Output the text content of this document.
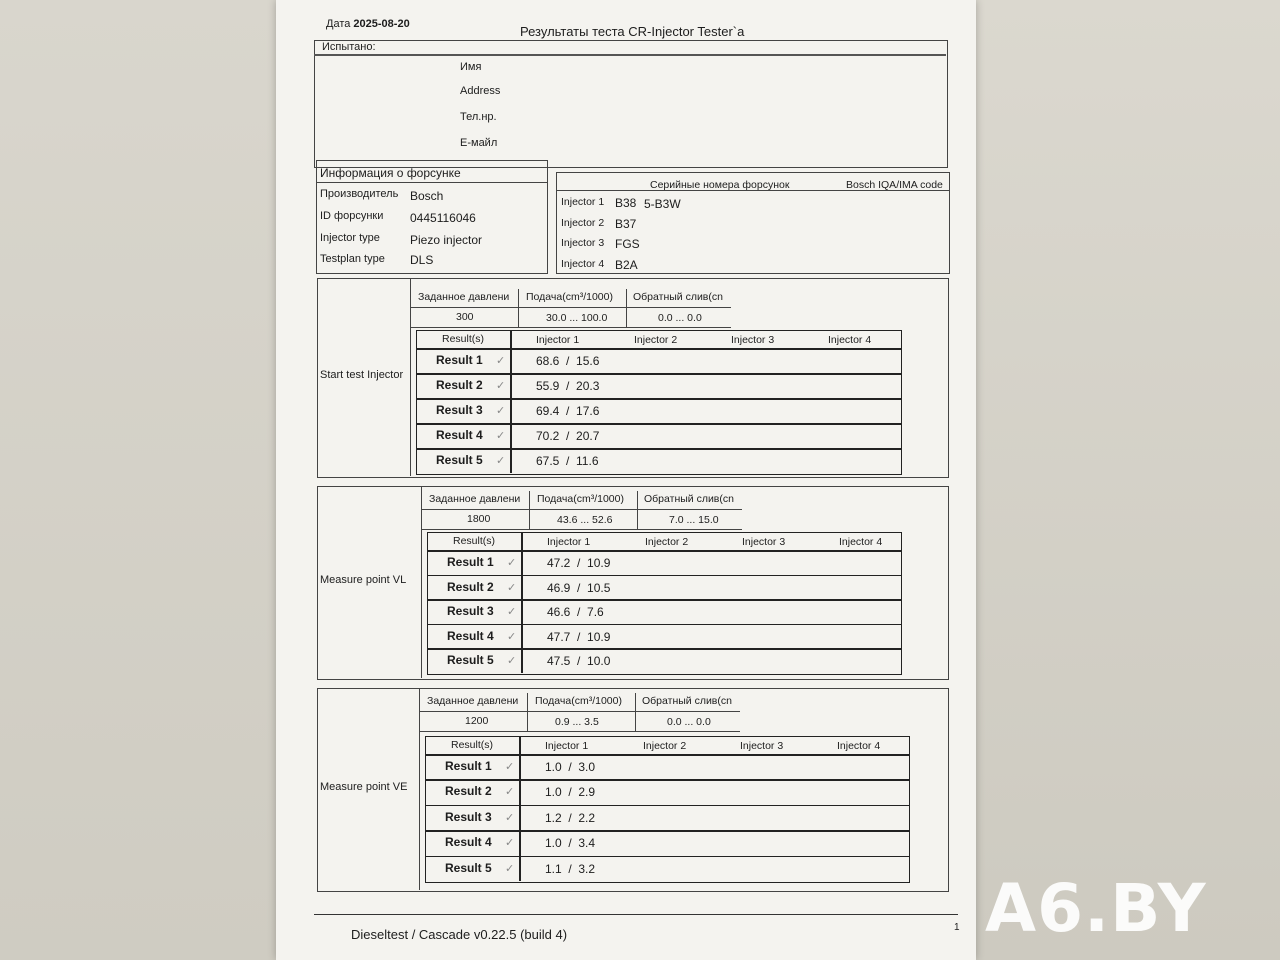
Дата 2025-08-20	Результаты теста CR-Injector Tester`a
Испытано:
Имя
Address
Тел.нр.
E-майл
Информация о форсунке
Производитель Bosch
ID форсунки 0445116046
Injector type	Piezo injector
Testplan type DLS
Серийные номера форсунок	Bosch IQA/IMA code
Injector 1 B38 5-B3W
Injector 2 B37
Injector 3 FGS
Injector 4 B2A
Start test Injector
Заданное давлени Подача(cm³/1000) Обратный слив(cn
300	30.0 ... 100.0	0.0 ... 0.0
Result(s)	Injector 1	Injector 2	Injector 3	Injector 4
Result 1 ✓	68.6  /  15.6
Result 2 ✓	55.9  /  20.3
Result 3 ✓	69.4  /  17.6
Result 4 ✓	70.2  /  20.7
Result 5 ✓	67.5  /  11.6
Measure point VL
Заданное давлени Подача(cm³/1000) Обратный слив(cn
1800	43.6 ... 52.6	7.0 ... 15.0
Result(s)	Injector 1	Injector 2	Injector 3	Injector 4
Result 1 ✓	47.2  /  10.9
Result 2 ✓	46.9  /  10.5
Result 3 ✓	46.6  /  7.6
Result 4 ✓	47.7  /  10.9
Result 5 ✓	47.5  /  10.0
Measure point VE
Заданное давлени Подача(cm³/1000) Обратный слив(cn
1200	0.9 ... 3.5	0.0 ... 0.0
Result(s)	Injector 1	Injector 2	Injector 3	Injector 4
Result 1 ✓	1.0  /  3.0
Result 2 ✓	1.0  /  2.9
Result 3 ✓	1.2  /  2.2
Result 4 ✓	1.0  /  3.4
Result 5 ✓	1.1  /  3.2
Dieseltest / Cascade v0.22.5 (build 4)	1 A6.BY
